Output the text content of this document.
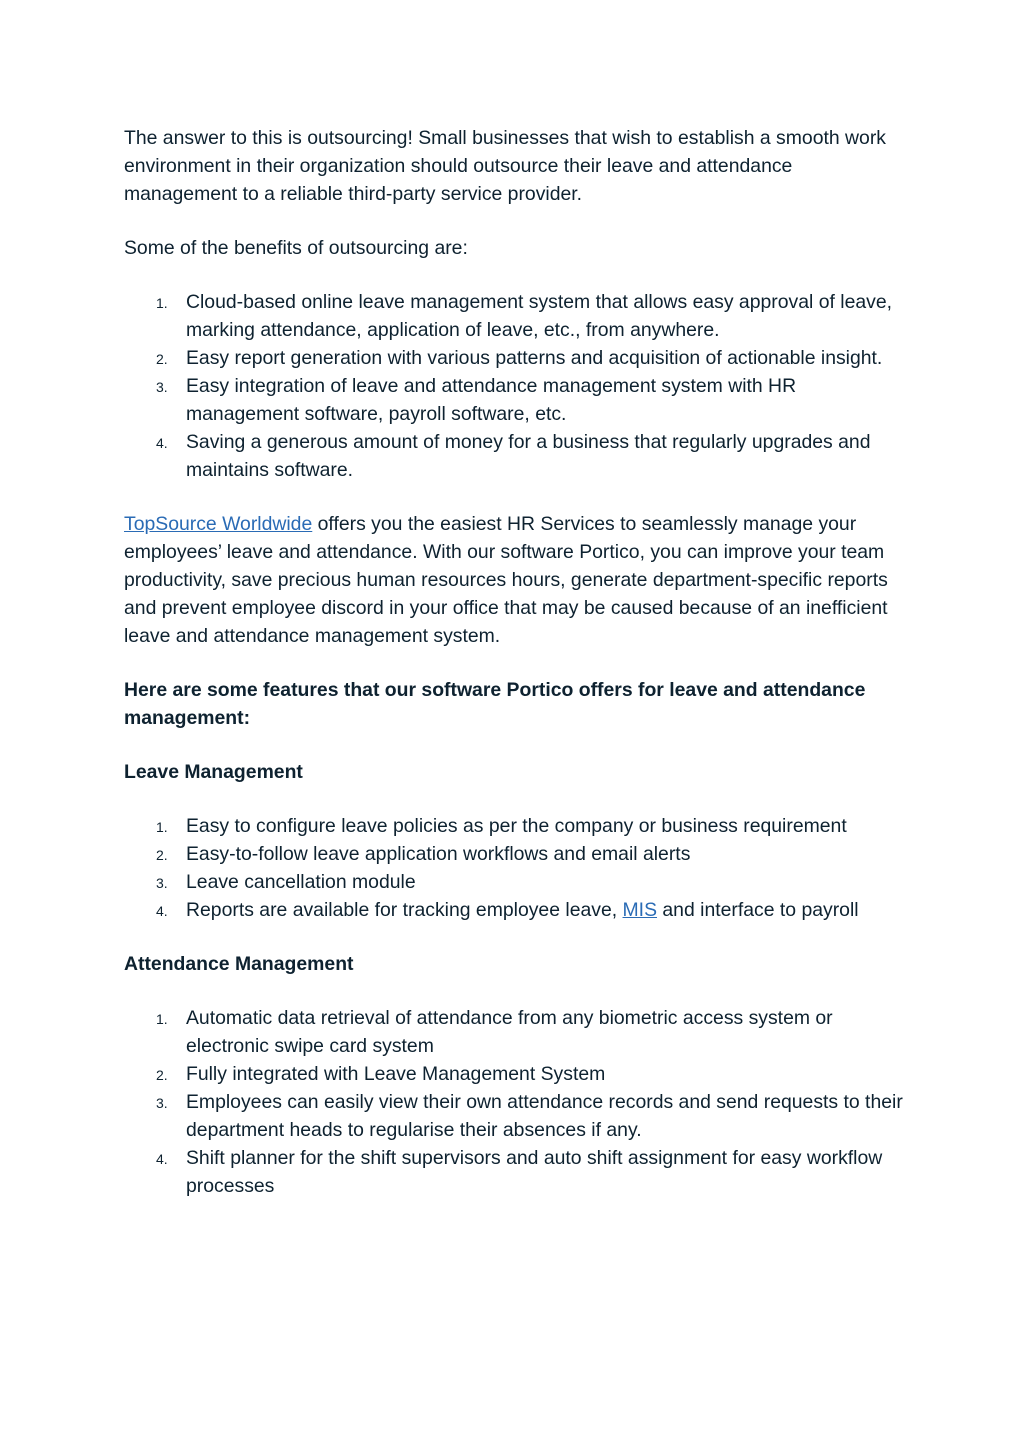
The answer to this is outsourcing! Small businesses that wish to establish a smooth work environment in their organization should outsource their leave and attendance management to a reliable third-party service provider.

Some of the benefits of outsourcing are:

1. Cloud-based online leave management system that allows easy approval of leave, marking attendance, application of leave, etc., from anywhere.
2. Easy report generation with various patterns and acquisition of actionable insight.
3. Easy integration of leave and attendance management system with HR management software, payroll software, etc.
4. Saving a generous amount of money for a business that regularly upgrades and maintains software.

TopSource Worldwide offers you the easiest HR Services to seamlessly manage your employees’ leave and attendance. With our software Portico, you can improve your team productivity, save precious human resources hours, generate department-specific reports and prevent employee discord in your office that may be caused because of an inefficient leave and attendance management system.

Here are some features that our software Portico offers for leave and attendance management:
Leave Management
1. Easy to configure leave policies as per the company or business requirement
2. Easy-to-follow leave application workflows and email alerts
3. Leave cancellation module
4. Reports are available for tracking employee leave, MIS and interface to payroll
Attendance Management
1. Automatic data retrieval of attendance from any biometric access system or electronic swipe card system
2. Fully integrated with Leave Management System
3. Employees can easily view their own attendance records and send requests to their department heads to regularise their absences if any.
4. Shift planner for the shift supervisors and auto shift assignment for easy workflow processes
